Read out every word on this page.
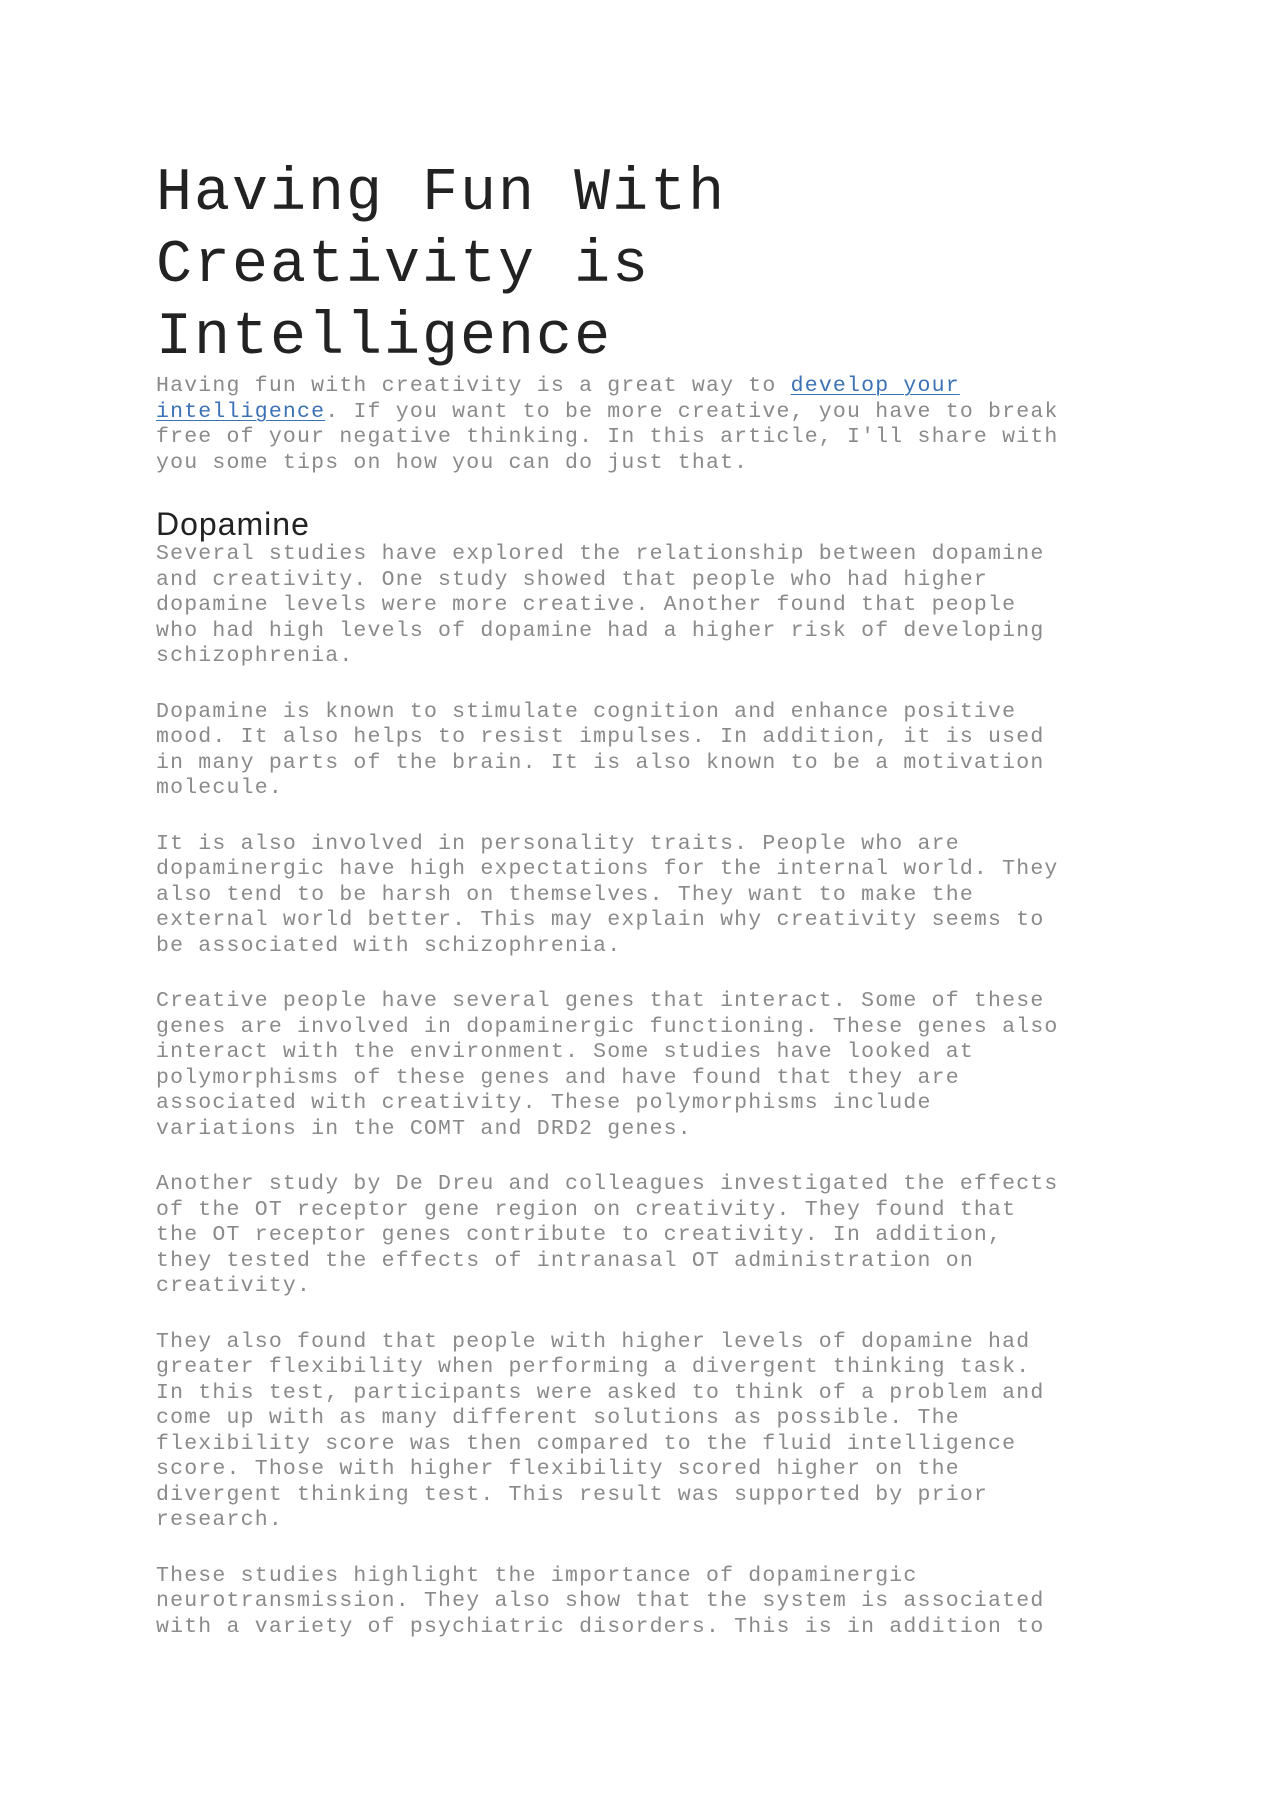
Having Fun With Creativity is Intelligence

Having fun with creativity is a great way to develop your
intelligence. If you want to be more creative, you have to break
free of your negative thinking. In this article, I'll share with
you some tips on how you can do just that.

Dopamine

Several studies have explored the relationship between dopamine
and creativity. One study showed that people who had higher
dopamine levels were more creative. Another found that people
who had high levels of dopamine had a higher risk of developing
schizophrenia.

Dopamine is known to stimulate cognition and enhance positive
mood. It also helps to resist impulses. In addition, it is used
in many parts of the brain. It is also known to be a motivation
molecule.

It is also involved in personality traits. People who are
dopaminergic have high expectations for the internal world. They
also tend to be harsh on themselves. They want to make the
external world better. This may explain why creativity seems to
be associated with schizophrenia.

Creative people have several genes that interact. Some of these
genes are involved in dopaminergic functioning. These genes also
interact with the environment. Some studies have looked at
polymorphisms of these genes and have found that they are
associated with creativity. These polymorphisms include
variations in the COMT and DRD2 genes.

Another study by De Dreu and colleagues investigated the effects
of the OT receptor gene region on creativity. They found that
the OT receptor genes contribute to creativity. In addition,
they tested the effects of intranasal OT administration on
creativity.

They also found that people with higher levels of dopamine had
greater flexibility when performing a divergent thinking task.
In this test, participants were asked to think of a problem and
come up with as many different solutions as possible. The
flexibility score was then compared to the fluid intelligence
score. Those with higher flexibility scored higher on the
divergent thinking test. This result was supported by prior
research.

These studies highlight the importance of dopaminergic
neurotransmission. They also show that the system is associated
with a variety of psychiatric disorders. This is in addition to
